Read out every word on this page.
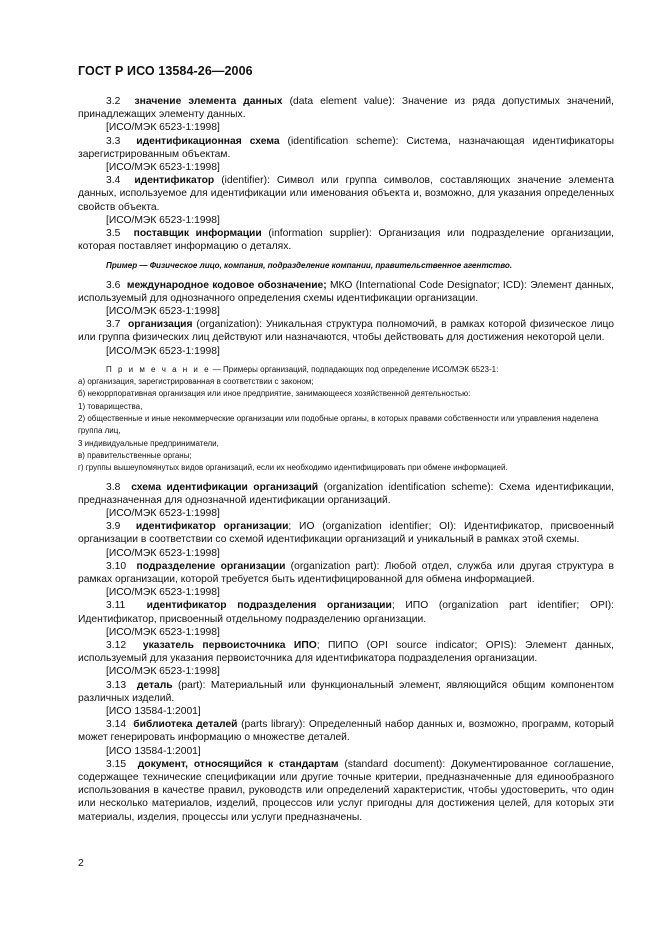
ГОСТ Р ИСО 13584-26—2006

3.2 значение элемента данных (data element value): Значение из ряда допустимых значений, принадлежащих элементу данных.

[ИСО/МЭК 6523-1:1998]

3.3 идентификационная схема (identification scheme): Система, назначающая идентификаторы зарегистрированным объектам.

[ИСО/МЭК 6523-1:1998]

3.4 идентификатор (identifier): Символ или группа символов, составляющих значение элемента данных, используемое для идентификации или именования объекта и, возможно, для указания определенных свойств объекта.

[ИСО/МЭК 6523-1:1998]

3.5 поставщик информации (information supplier): Организация или подразделение организации, которая поставляет информацию о деталях.

Пример — Физическое лицо, компания, подразделение компании, правительственное агентство.

3.6 международное кодовое обозначение; МКО (International Code Designator; ICD): Элемент данных, используемый для однозначного определения схемы идентификации организации.

[ИСО/МЭК 6523-1:1998]

3.7 организация (organization): Уникальная структура полномочий, в рамках которой физическое лицо или группа физических лиц действуют или назначаются, чтобы действовать для достижения некоторой цели.

[ИСО/МЭК 6523-1:1998]

П р и м е ч а н и е — Примеры организаций, подпадающих под определение ИСО/МЭК 6523-1:

а) организация, зарегистрированная в соответствии с законом;

б) некоррпоративная организация или иное предприятие, занимающееся хозяйственной деятельностью:

1) товарищества,

2) общественные и иные некоммерческие организации или подобные органы, в которых правами собственности или управления наделена группа лиц,

3 индивидуальные предприниматели,

в) правительственные органы;

г) группы вышеупомянутых видов организаций, если их необходимо идентифицировать при обмене информацией.

3.8 схема идентификации организаций (organization identification scheme): Схема идентификации, предназначенная для однозначной идентификации организаций.

[ИСО/МЭК 6523-1:1998]

3.9 идентификатор организации; ИО (organization identifier; OI): Идентификатор, присвоенный организации в соответствии со схемой идентификации организаций и уникальный в рамках этой схемы.

[ИСО/МЭК 6523-1:1998]

3.10 подразделение организации (organization part): Любой отдел, служба или другая структура в рамках организации, которой требуется быть идентифицированной для обмена информацией.

[ИСО/МЭК 6523-1:1998]

3.11 идентификатор подразделения организации; ИПО (organization part identifier; OPI): Идентификатор, присвоенный отдельному подразделению организации.

[ИСО/МЭК 6523-1:1998]

3.12 указатель первоисточника ИПО; ПИПО (OPI source indicator; OPIS): Элемент данных, используемый для указания первоисточника для идентификатора подразделения организации.

[ИСО/МЭК 6523-1:1998]

3.13 деталь (part): Материальный или функциональный элемент, являющийся общим компонентом различных изделий.

[ИСО 13584-1:2001]

3.14 библиотека деталей (parts library): Определенный набор данных и, возможно, программ, который может генерировать информацию о множестве деталей.

[ИСО 13584-1:2001]

3.15 документ, относящийся к стандартам (standard document): Документированное соглашение, содержащее технические спецификации или другие точные критерии, предназначенные для единообразного использования в качестве правил, руководств или определений характеристик, чтобы удостоверить, что один или несколько материалов, изделий, процессов или услуг пригодны для достижения целей, для которых эти материалы, изделия, процессы или услуги предназначены.

2
